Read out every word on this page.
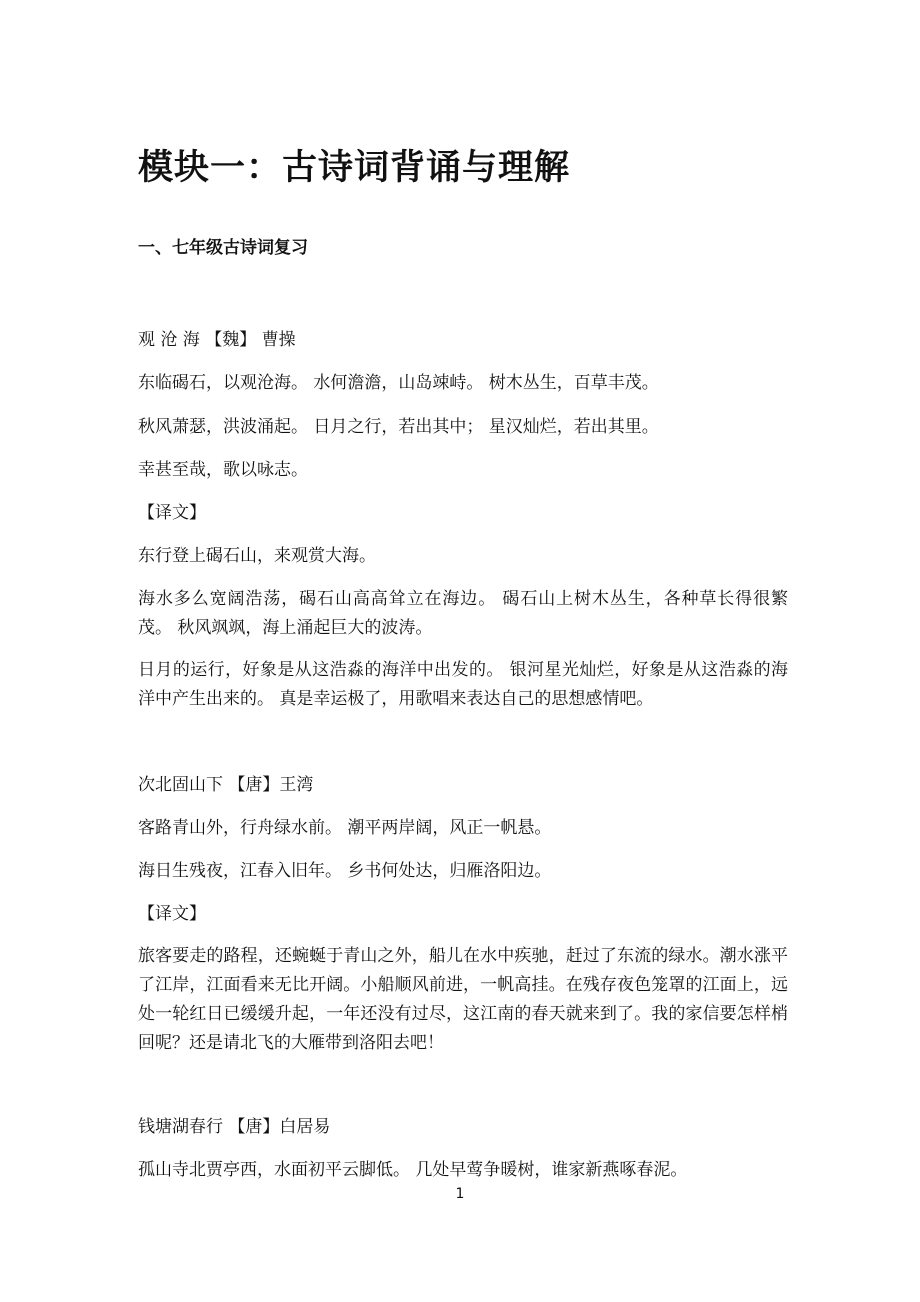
模块一：古诗词背诵与理解
一、七年级古诗词复习
观 沧 海 【魏】 曹操
东临碣石，以观沧海。 水何澹澹，山岛竦峙。 树木丛生，百草丰茂。
秋风萧瑟，洪波涌起。 日月之行，若出其中； 星汉灿烂，若出其里。
幸甚至哉，歌以咏志。
【译文】
东行登上碣石山，来观赏大海。
海水多么宽阔浩荡，碣石山高高耸立在海边。 碣石山上树木丛生，各种草长得很繁茂。 秋风飒飒，海上涌起巨大的波涛。
日月的运行，好象是从这浩淼的海洋中出发的。 银河星光灿烂，好象是从这浩淼的海洋中产生出来的。 真是幸运极了，用歌唱来表达自己的思想感情吧。
次北固山下 【唐】王湾
客路青山外，行舟绿水前。 潮平两岸阔，风正一帆悬。
海日生残夜，江春入旧年。 乡书何处达，归雁洛阳边。
【译文】
旅客要走的路程，还蜿蜒于青山之外，船儿在水中疾驰，赶过了东流的绿水。潮水涨平了江岸，江面看来无比开阔。小船顺风前进，一帆高挂。在残存夜色笼罩的江面上，远处一轮红日已缓缓升起，一年还没有过尽，这江南的春天就来到了。我的家信要怎样梢回呢？还是请北飞的大雁带到洛阳去吧！
钱塘湖春行 【唐】白居易
孤山寺北贾亭西，水面初平云脚低。 几处早莺争暖树，谁家新燕啄春泥。
1
